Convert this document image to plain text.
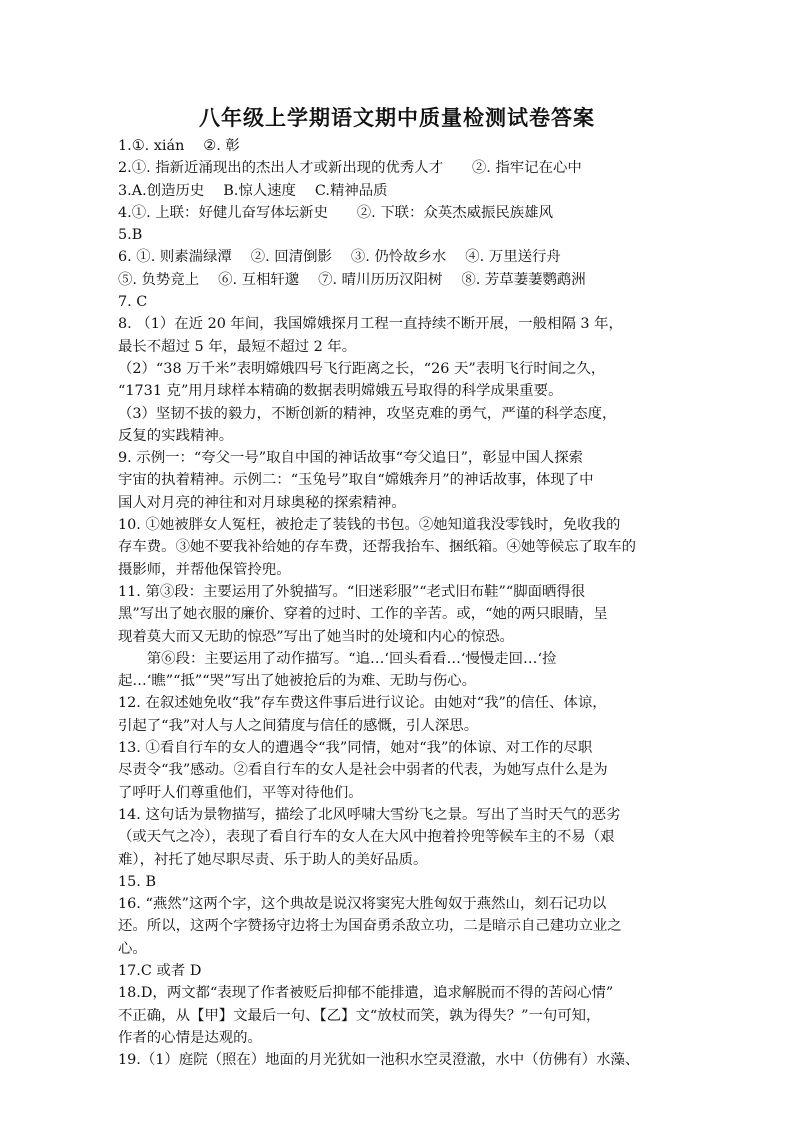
八年级上学期语文期中质量检测试卷答案
1.①. xián　 ②. 彰
2.①. 指新近涌现出的杰出人才或新出现的优秀人才　　②. 指牢记在心中
3.A.创造历史　 B.惊人速度　 C.精神品质
4.①. 上联：好健儿奋写体坛新史　　②. 下联：众英杰威振民族雄风
5.B
6. ①. 则素湍绿潭　 ②. 回清倒影　 ③. 仍怜故乡水　 ④. 万里送行舟
⑤. 负势竞上　 ⑥. 互相轩邈　 ⑦. 晴川历历汉阳树　 ⑧. 芳草萋萋鹦鹉洲
7. C
8. （1）在近 20 年间，我国嫦娥探月工程一直持续不断开展，一般相隔 3 年，
最长不超过 5 年，最短不超过 2 年。
（2）“38 万千米”表明嫦娥四号飞行距离之长，“26 天”表明飞行时间之久，
“1731 克”用月球样本精确的数据表明嫦娥五号取得的科学成果重要。
（3）坚韧不拔的毅力，不断创新的精神，攻坚克难的勇气，严谨的科学态度，
反复的实践精神。
9. 示例一：“夸父一号”取自中国的神话故事“夸父追日”，彰显中国人探索
宇宙的执着精神。示例二：“玉兔号”取自“嫦娥奔月”的神话故事，体现了中
国人对月亮的神往和对月球奥秘的探索精神。
10. ①她被胖女人冤枉，被抢走了装钱的书包。②她知道我没零钱时，免收我的
存车费。③她不要我补给她的存车费，还帮我抬车、捆纸箱。④她等候忘了取车的
摄影师，并帮他保管拎兜。
11. 第③段：主要运用了外貌描写。“旧迷彩服”“老式旧布鞋”“脚面晒得很
黑”写出了她衣服的廉价、穿着的过时、工作的辛苦。或，“她的两只眼睛，呈
现着莫大而又无助的惊恐”写出了她当时的处境和内心的惊恐。
　　第⑥段：主要运用了动作描写。“追…‘回头看看…‘慢慢走回…‘捡
起…‘瞧”“抵”“哭”写出了她被抢后的为难、无助与伤心。
12. 在叙述她免收“我”存车费这件事后进行议论。由她对“我”的信任、体谅，
引起了“我”对人与人之间猜度与信任的感慨，引人深思。
13. ①看自行车的女人的遭遇令“我”同情，她对“我”的体谅、对工作的尽职
尽责令“我”感动。②看自行车的女人是社会中弱者的代表，为她写点什么是为
了呼吁人们尊重他们，平等对待他们。
14. 这句话为景物描写，描绘了北风呼啸大雪纷飞之景。写出了当时天气的恶劣
（或天气之冷），表现了看自行车的女人在大风中抱着拎兜等候车主的不易（艰
难），衬托了她尽职尽责、乐于助人的美好品质。
15. B
16. “燕然”这两个字，这个典故是说汉将窦宪大胜匈奴于燕然山，刻石记功以
还。所以，这两个字赞扬守边将士为国奋勇杀敌立功，二是暗示自己建功立业之
心。
17.C 或者 D
18.D，两文都“表现了作者被贬后抑郁不能排遣，追求解脱而不得的苦闷心情”
不正确，从【甲】文最后一句、【乙】文“放杖而笑，孰为得失？”一句可知，
作者的心情是达观的。
19.（1）庭院（照在）地面的月光犹如一池积水空灵澄澈，水中（仿佛有）水藻、
